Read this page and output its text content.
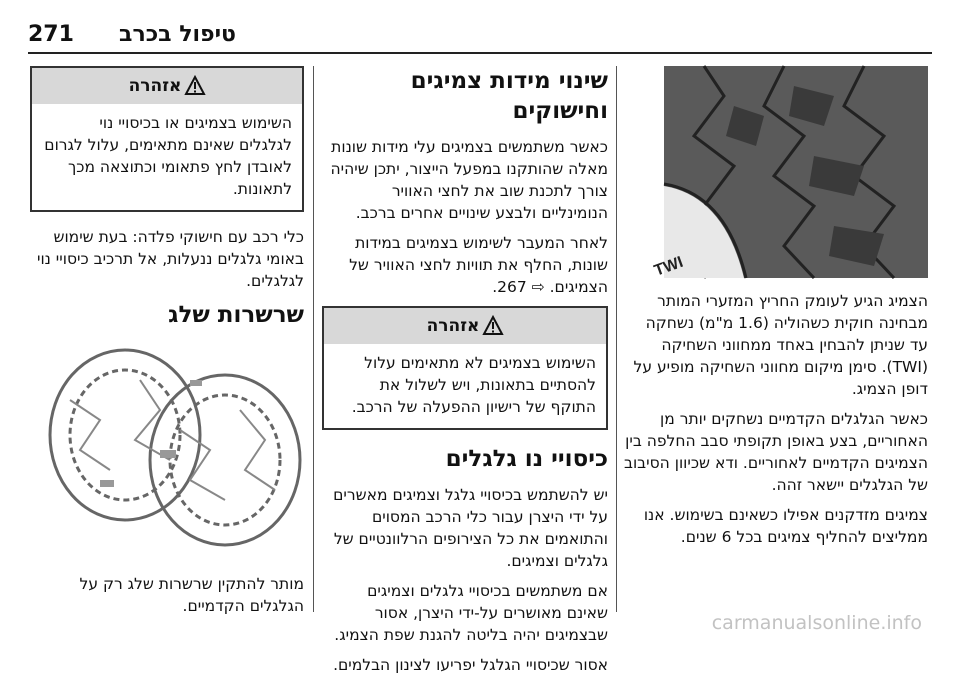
271 טיפול בכרב
TWI

הצמיג הגיע לעומק החריץ המזערי המותר מבחינה חוקית כשהוליה (1.6 מ"מ) נשחקה עד שניתן להבחין באחד ממחווני השחיקה (TWI). סימן מיקום מחווני השחיקה מופיע על דופן הצמיג.

כאשר הגלגלים הקדמיים נשחקים יותר מן האחוריים, בצע באופן תקופתי סבב החלפה בין הצמיגים הקדמיים לאחוריים. ודא שכיוון הסיבוב של הגלגלים יישאר זהה.

צמיגים מזדקנים אפילו כשאינם בשימוש. אנו ממליצים להחליף צמיגים בכל 6 שנים.

שינוי מידות צמיגים וחישוקים

כאשר משתמשים בצמיגים עלי מידות שונות מאלה שהותקנו במפעל הייצור, יתכן שיהיה צורך לתכנת שוב את לחצי האוויר הנומינליים ולבצע שינויים אחרים ברכב.

לאחר המעבר לשימוש בצמיגים במידות שונות, החלף את תוויות לחצי האוויר של הצמיגים. ⇨ 267.

אזהרה
השימוש בצמיגים לא מתאימים עלול להסתיים בתאונות, ויש לשלול את התוקף של רישיון ההפעלה של הרכב.
כיסויי נו גלגלים

יש להשתמש בכיסויי גלגל וצמיגים מאשרים על ידי היצרן עבור כלי הרכב המסוים והתואמים את כל הצירופים הרלוונטיים של גלגלים וצמיגים.

אם משתמשים בכיסויי גלגלים וצמיגים שאינם מאושרים על-ידי היצרן, אסור שבצמיגים יהיה בליטה להגנת שפת הצמיג.

אסור שכיסויי הגלגל יפריעו לצינון הבלמים.

אזהרה
השימוש בצמיגים או בכיסויי נוי לגלגלים שאינם מתאימים, עלול לגרום לאובדן לחץ פתאומי וכתוצאה מכך לתאונות.

כלי רכב עם חישוקי פלדה: בעת שימוש באומי גלגלים ננעלות, אל תרכיב כיסויי נוי לגלגלים.

שרשרות שלג

מותר להתקין שרשרות שלג רק על הגלגלים הקדמיים.

carmanualsonline.info
